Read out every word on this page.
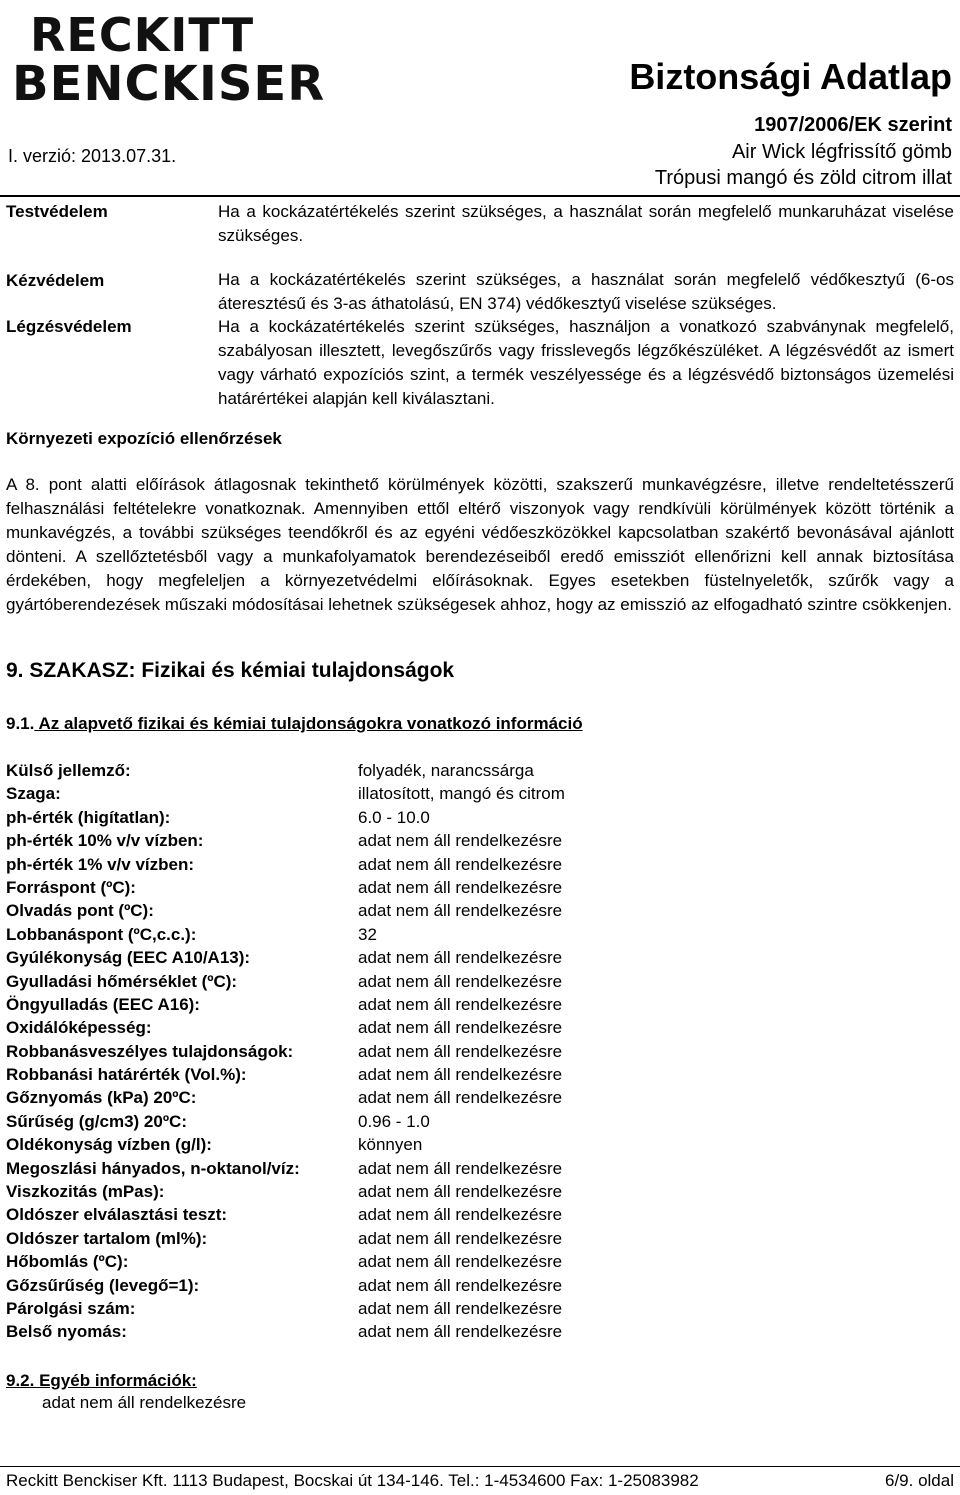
RECKITT
BENCKISER	Biztonsági Adatlap
1907/2006/EK szerint
I. verzió: 2013.07.31.	Air Wick légfrissítő gömb
Trópusi mangó és zöld citrom illat
Testvédelem	Ha a kockázatértékelés szerint szükséges, a használat során megfelelő munkaruházat viselése szükséges.
Kézvédelem	Ha a kockázatértékelés szerint szükséges, a használat során megfelelő védőkesztyű (6-os áteresztésű és 3-as áthatolású, EN 374) védőkesztyű viselése szükséges.
Légzésvédelem	Ha a kockázatértékelés szerint szükséges, használjon a vonatkozó szabványnak megfelelő, szabályosan illesztett, levegőszűrős vagy frisslevegős légzőkészüléket. A légzésvédőt az ismert vagy várható expozíciós szint, a termék veszélyessége és a légzésvédő biztonságos üzemelési határértékei alapján kell kiválasztani.
Környezeti expozíció ellenőrzések
A 8. pont alatti előírások átlagosnak tekinthető körülmények közötti, szakszerű munkavégzésre, illetve rendeltetésszerű felhasználási feltételekre vonatkoznak. Amennyiben ettől eltérő viszonyok vagy rendkívüli körülmények között történik a munkavégzés, a további szükséges teendőkről és az egyéni védőeszközökkel kapcsolatban szakértő bevonásával ajánlott dönteni. A szellőztetésből vagy a munkafolyamatok berendezéseiből eredő emissziót ellenőrizni kell annak biztosítása érdekében, hogy megfeleljen a környezetvédelmi előírásoknak. Egyes esetekben füstelnyeletők, szűrők vagy a gyártóberendezések műszaki módosításai lehetnek szükségesek ahhoz, hogy az emisszió az elfogadható szintre csökkenjen.
9. SZAKASZ: Fizikai és kémiai tulajdonságok
9.1. Az alapvető fizikai és kémiai tulajdonságokra vonatkozó információ
Külső jellemző:	folyadék, narancssárga
Szaga:	illatosított, mangó és citrom
ph-érték (higítatlan):	6.0 - 10.0
ph-érték 10% v/v vízben:	adat nem áll rendelkezésre
ph-érték 1% v/v vízben:	adat nem áll rendelkezésre
Forráspont (ºC):	adat nem áll rendelkezésre
Olvadás pont (ºC):	adat nem áll rendelkezésre
Lobbanáspont (ºC,c.c.):	32
Gyúlékonyság (EEC A10/A13):	adat nem áll rendelkezésre
Gyulladási hőmérséklet (ºC):	adat nem áll rendelkezésre
Öngyulladás (EEC A16):	adat nem áll rendelkezésre
Oxidálóképesség:	adat nem áll rendelkezésre
Robbanásveszélyes tulajdonságok:	adat nem áll rendelkezésre
Robbanási határérték (Vol.%):	adat nem áll rendelkezésre
Gőznyomás (kPa) 20ºC:	adat nem áll rendelkezésre
Sűrűség (g/cm3) 20ºC:	0.96 - 1.0
Oldékonyság vízben (g/l):	könnyen
Megoszlási hányados, n-oktanol/víz:	adat nem áll rendelkezésre
Viszkozitás (mPas):	adat nem áll rendelkezésre
Oldószer elválasztási teszt:	adat nem áll rendelkezésre
Oldószer tartalom (ml%):	adat nem áll rendelkezésre
Hőbomlás (ºC):	adat nem áll rendelkezésre
Gőzsűrűség (levegő=1):	adat nem áll rendelkezésre
Párolgási szám:	adat nem áll rendelkezésre
Belső nyomás:	adat nem áll rendelkezésre
9.2. Egyéb információk:
adat nem áll rendelkezésre
Reckitt Benckiser Kft. 1113 Budapest, Bocskai út 134-146. Tel.: 1-4534600 Fax: 1-25083982	6/9. oldal
